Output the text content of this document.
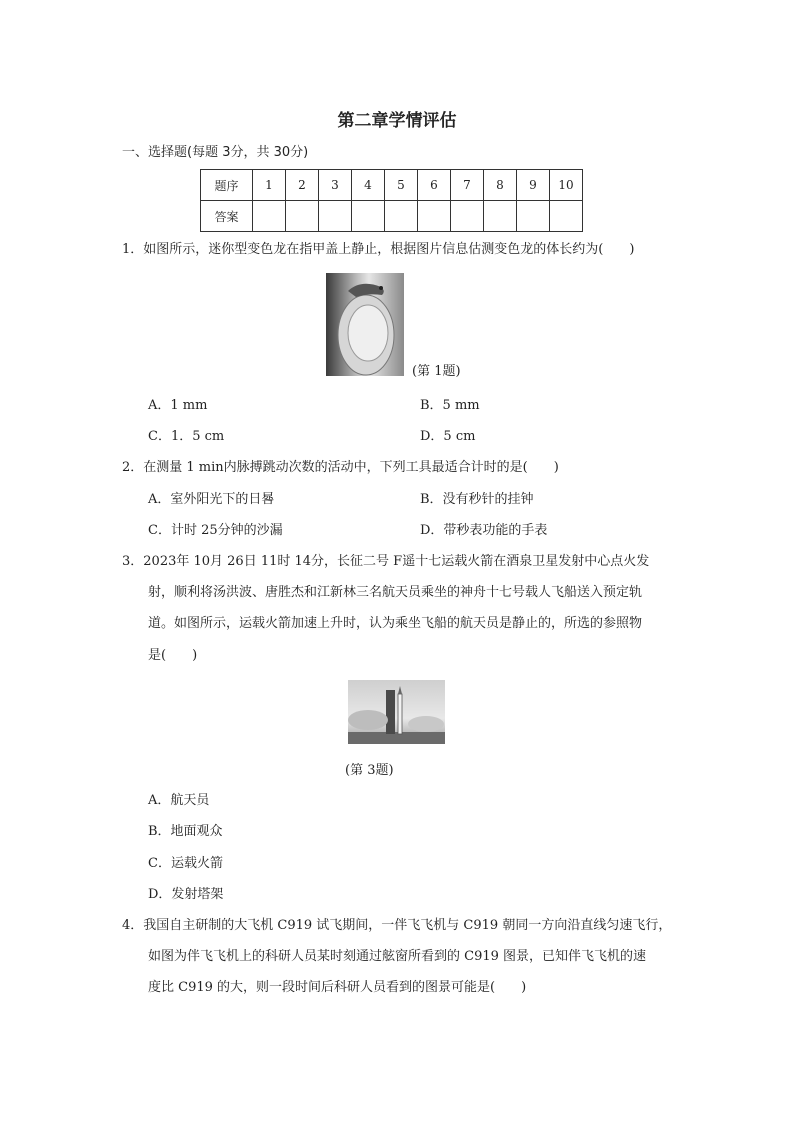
第二章学情评估
一、选择题(每题 3分，共 30分)
题序	1	2	3	4	5	6	7	8	9	10
答案										
1．如图所示，迷你型变色龙在指甲盖上静止，根据图片信息估测变色龙的体长约为(　　)
(第 1题)
A．1 mm	B．5 mm
C．1．5 cm	D．5 cm
2．在测量 1 min内脉搏跳动次数的活动中，下列工具最适合计时的是(　　)
A．室外阳光下的日晷	B．没有秒针的挂钟
C．计时 25分钟的沙漏	D．带秒表功能的手表
3．2023年 10月 26日 11时 14分，长征二号 F遥十七运载火箭在酒泉卫星发射中心点火发
射，顺利将汤洪波、唐胜杰和江新林三名航天员乘坐的神舟十七号载人飞船送入预定轨
道。如图所示，运载火箭加速上升时，认为乘坐飞船的航天员是静止的，所选的参照物
是(　　)
(第 3题)
A．航天员
B．地面观众
C．运载火箭
D．发射塔架
4．我国自主研制的大飞机 C919 试飞期间，一伴飞飞机与 C919 朝同一方向沿直线匀速飞行，
如图为伴飞飞机上的科研人员某时刻通过舷窗所看到的 C919 图景，已知伴飞飞机的速
度比 C919 的大，则一段时间后科研人员看到的图景可能是(　　)
